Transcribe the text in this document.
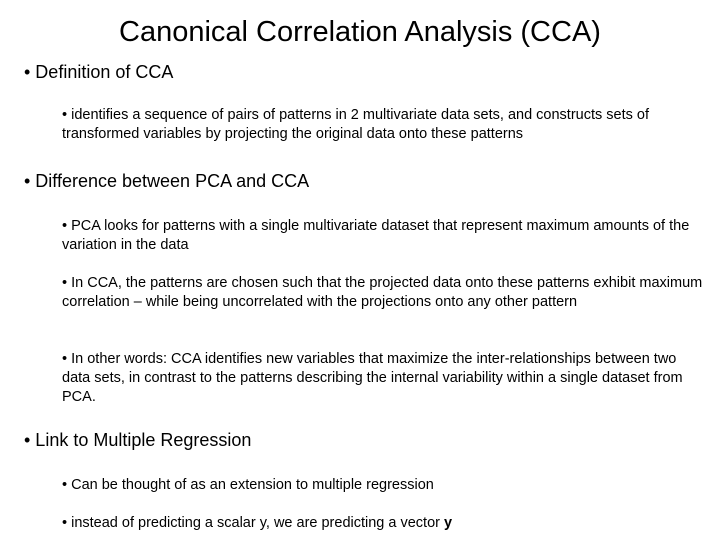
Canonical Correlation Analysis (CCA)
• Definition of CCA
• identifies a sequence of pairs of patterns in 2 multivariate data sets, and constructs sets of transformed variables by projecting the original data onto these patterns
• Difference between PCA and CCA
• PCA looks for patterns with a single multivariate dataset that represent maximum amounts of the variation in the data
• In CCA, the patterns are chosen such that the projected data onto these patterns exhibit maximum correlation – while being uncorrelated with the projections onto any other pattern
• In other words: CCA identifies new variables that maximize the inter-relationships between two data sets, in contrast to the patterns describing the internal variability within a single dataset from PCA.
• Link to Multiple Regression
• Can be thought of as an extension to multiple regression
• instead of predicting a scalar y, we are predicting a vector y
